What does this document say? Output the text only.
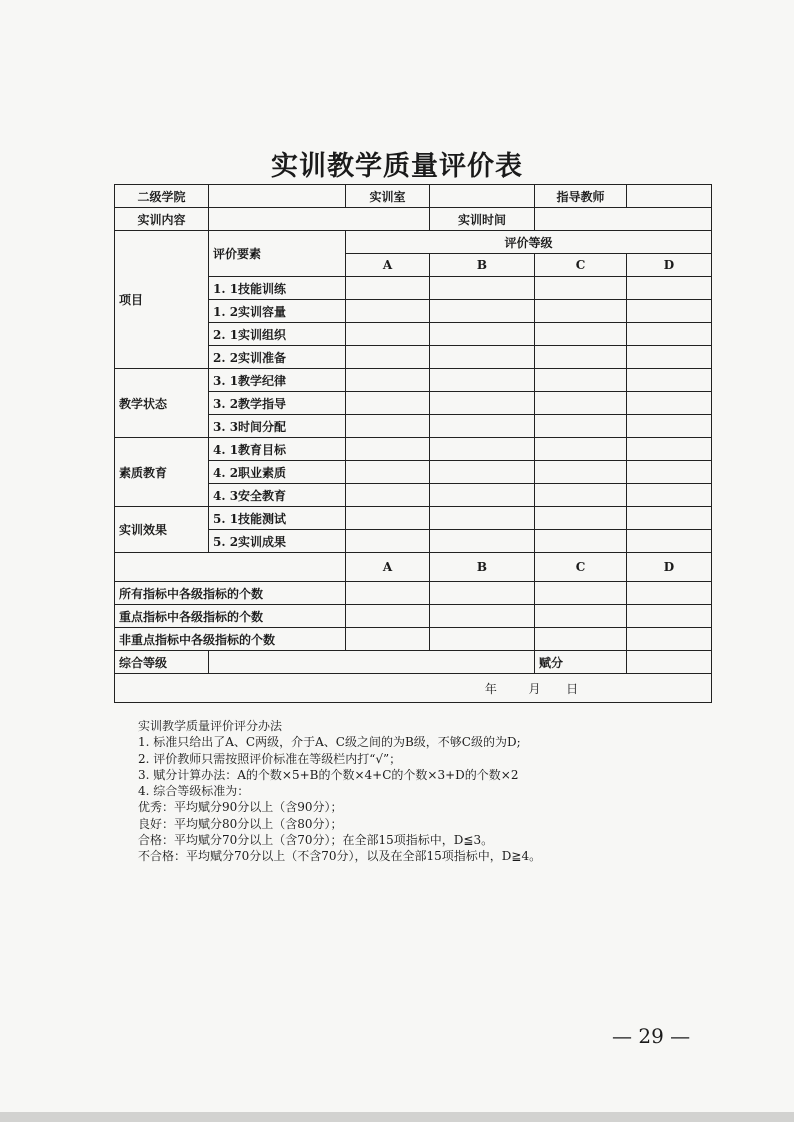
实训教学质量评价表
二级学院		实训室		指导教师	
实训内容			实训时间		
项目	评价要素	评价等级			
		A	B	C	D
	1. 1技能训练				
	1. 2实训容量				
	2. 1实训组织				
	2. 2实训准备				
教学状态	3. 1教学纪律				
	3. 2教学指导				
	3. 3时间分配				
素质教育	4. 1教育目标				
	4. 2职业素质				
	4. 3安全教育				
实训效果	5. 1技能测试				
	5. 2实训成果				
		A	B	C	D
所有指标中各级指标的个数					
重点指标中各级指标的个数					
非重点指标中各级指标的个数					
综合等级				赋分	
年 月 日					
实训教学质量评价评分办法
1. 标准只给出了A、C两级，介于A、C级之间的为B级，不够C级的为D;
2. 评价教师只需按照评价标准在等级栏内打“√”；
3. 赋分计算办法：A的个数×5+B的个数×4+C的个数×3+D的个数×2
4. 综合等级标准为：
优秀：平均赋分90分以上（含90分）；
良好：平均赋分80分以上（含80分）；
合格：平均赋分70分以上（含70分）；在全部15项指标中，D≦3。
不合格：平均赋分70分以上（不含70分），以及在全部15项指标中，D≧4。
— 29 —
